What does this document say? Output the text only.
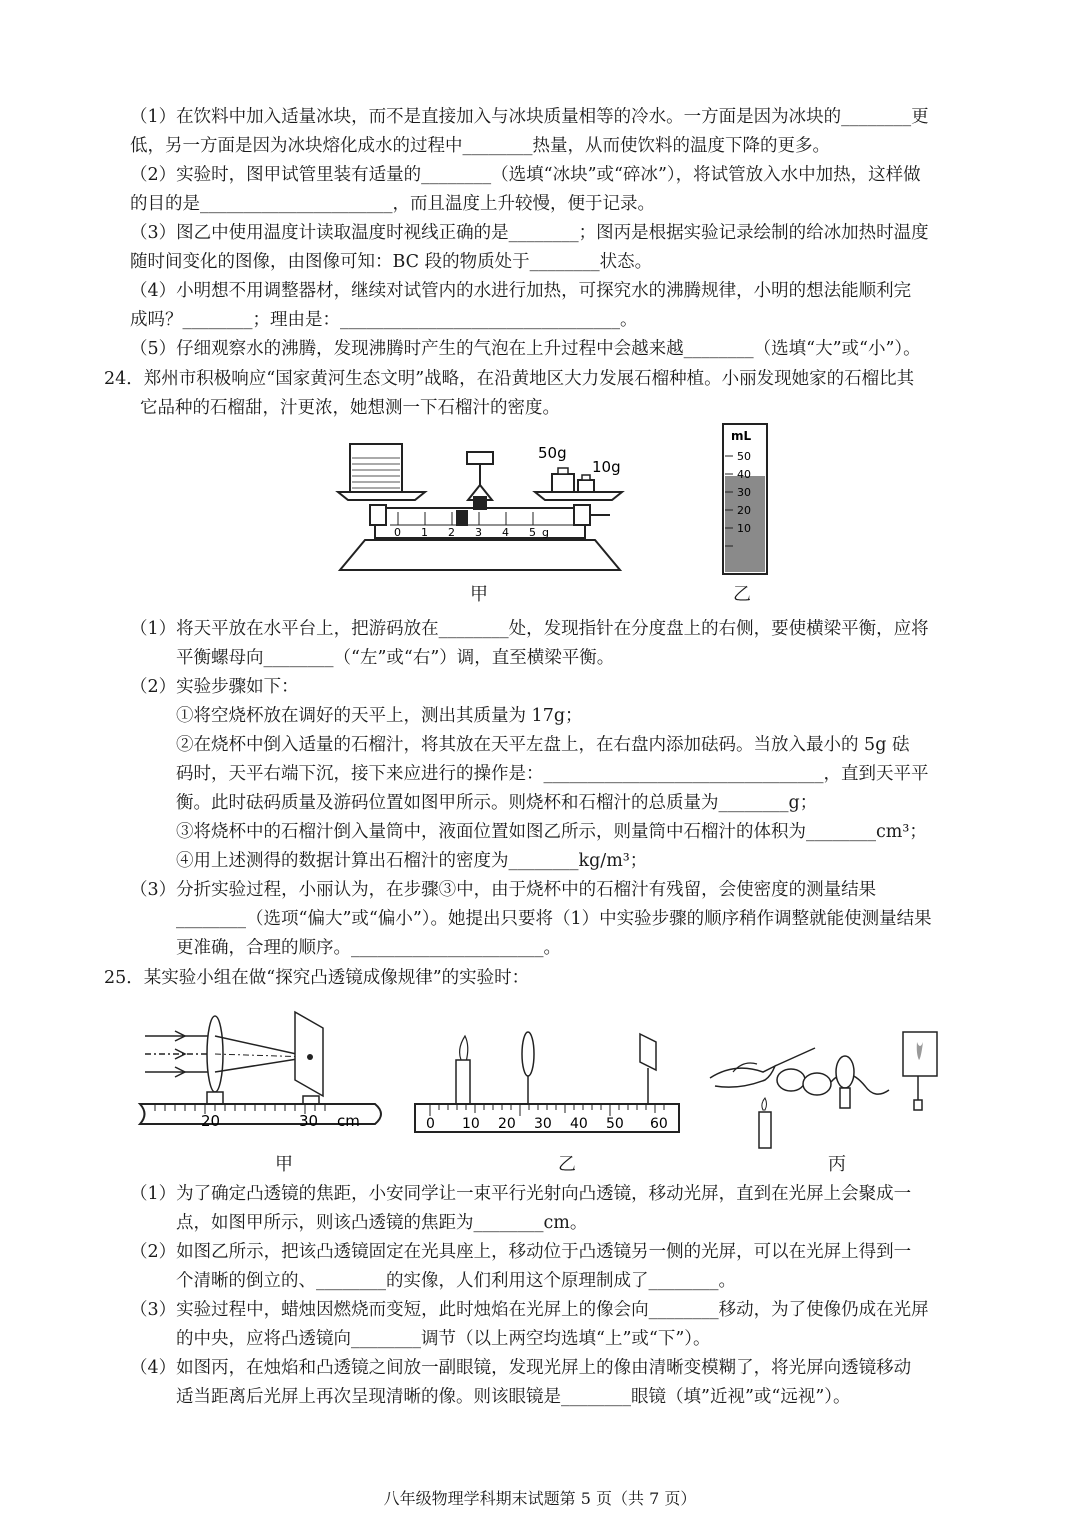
（1）在饮料中加入适量冰块，而不是直接加入与冰块质量相等的冷水。一方面是因为冰块的________更
低，另一方面是因为冰块熔化成水的过程中________热量，从而使饮料的温度下降的更多。
（2）实验时，图甲试管里装有适量的________（选填“冰块”或“碎冰”），将试管放入水中加热，这样做
的目的是______________________，而且温度上升较慢，便于记录。
（3）图乙中使用温度计读取温度时视线正确的是________；图丙是根据实验记录绘制的给冰加热时温度
随时间变化的图像，由图像可知：BC 段的物质处于________状态。
（4）小明想不用调整器材，继续对试管内的水进行加热，可探究水的沸腾规律，小明的想法能顺利完
成吗？________；理由是：________________________________。
（5）仔细观察水的沸腾，发现沸腾时产生的气泡在上升过程中会越来越________（选填“大”或“小”）。
24．郑州市积极响应“国家黄河生态文明”战略，在沿黄地区大力发展石榴种植。小丽发现她家的石榴比其
它品种的石榴甜，汁更浓，她想测一下石榴汁的密度。
0 1 2 3 4 5 g
50g
10g
甲
mL
50
40
30
20
10
乙
（1）将天平放在水平台上，把游码放在________处，发现指针在分度盘上的右侧，要使横梁平衡，应将
平衡螺母向________（“左”或“右”）调，直至横梁平衡。
（2）实验步骤如下：
①将空烧杯放在调好的天平上，测出其质量为 17g；
②在烧杯中倒入适量的石榴汁，将其放在天平左盘上，在右盘内添加砝码。当放入最小的 5g 砝
码时，天平右端下沉，接下来应进行的操作是：________________________________，直到天平平
衡。此时砝码质量及游码位置如图甲所示。则烧杯和石榴汁的总质量为________g；
③将烧杯中的石榴汁倒入量筒中，液面位置如图乙所示，则量筒中石榴汁的体积为________cm³；
④用上述测得的数据计算出石榴汁的密度为________kg/m³；
（3）分折实验过程，小丽认为，在步骤③中，由于烧杯中的石榴汁有残留，会使密度的测量结果
________（选项“偏大”或“偏小”）。她提出只要将（1）中实验步骤的顺序稍作调整就能使测量结果
更准确，合理的顺序。______________________。
25．某实验小组在做“探究凸透镜成像规律”的实验时：
20	30 cm
甲
0 10 20 30 40 50 60
乙	丙
（1）为了确定凸透镜的焦距，小安同学让一束平行光射向凸透镜，移动光屏，直到在光屏上会聚成一
点，如图甲所示，则该凸透镜的焦距为________cm。
（2）如图乙所示，把该凸透镜固定在光具座上，移动位于凸透镜另一侧的光屏，可以在光屏上得到一
个清晰的倒立的、________的实像，人们利用这个原理制成了________。
（3）实验过程中，蜡烛因燃烧而变短，此时烛焰在光屏上的像会向________移动，为了使像仍成在光屏
的中央，应将凸透镜向________调节（以上两空均选填“上”或“下”）。
（4）如图丙，在烛焰和凸透镜之间放一副眼镜，发现光屏上的像由清晰变模糊了，将光屏向透镜移动
适当距离后光屏上再次呈现清晰的像。则该眼镜是________眼镜（填”近视”或“远视”）。
八年级物理学科期末试题第 5 页（共 7 页）
